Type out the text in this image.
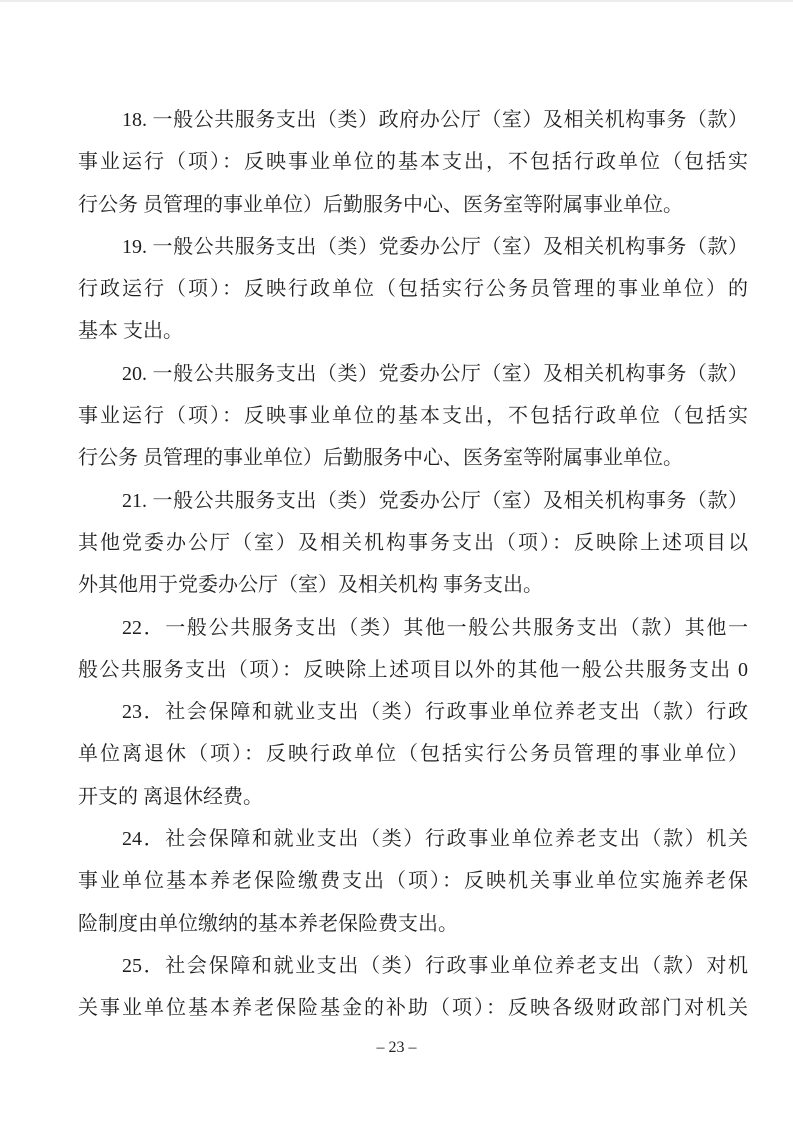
18. 一般公共服务支出（类）政府办公厅（室）及相关机构事务（款）
事业运行（项）：反映事业单位的基本支出，不包括行政单位（包括实
行公务 员管理的事业单位）后勤服务中心、医务室等附属事业单位。
19. 一般公共服务支出（类）党委办公厅（室）及相关机构事务（款）
行政运行（项）：反映行政单位（包括实行公务员管理的事业单位）的
基本 支出。
20. 一般公共服务支出（类）党委办公厅（室）及相关机构事务（款）
事业运行（项）：反映事业单位的基本支出，不包括行政单位（包括实
行公务 员管理的事业单位）后勤服务中心、医务室等附属事业单位。
21. 一般公共服务支出（类）党委办公厅（室）及相关机构事务（款）
其他党委办公厅（室）及相关机构事务支出（项）：反映除上述项目以
外其他用于党委办公厅（室）及相关机构 事务支出。
22．一般公共服务支出（类）其他一般公共服务支出（款）其他一
般公共服务支出（项）：反映除上述项目以外的其他一般公共服务支出 0
23．社会保障和就业支出（类）行政事业单位养老支出（款）行政
单位离退休（项）：反映行政单位（包括实行公务员管理的事业单位）
开支的 离退休经费。
24．社会保障和就业支出（类）行政事业单位养老支出（款）机关
事业单位基本养老保险缴费支出（项）：反映机关事业单位实施养老保
险制度由单位缴纳的基本养老保险费支出。
25．社会保障和就业支出（类）行政事业单位养老支出（款）对机
关事业单位基本养老保险基金的补助（项）：反映各级财政部门对机关
– 23 –
